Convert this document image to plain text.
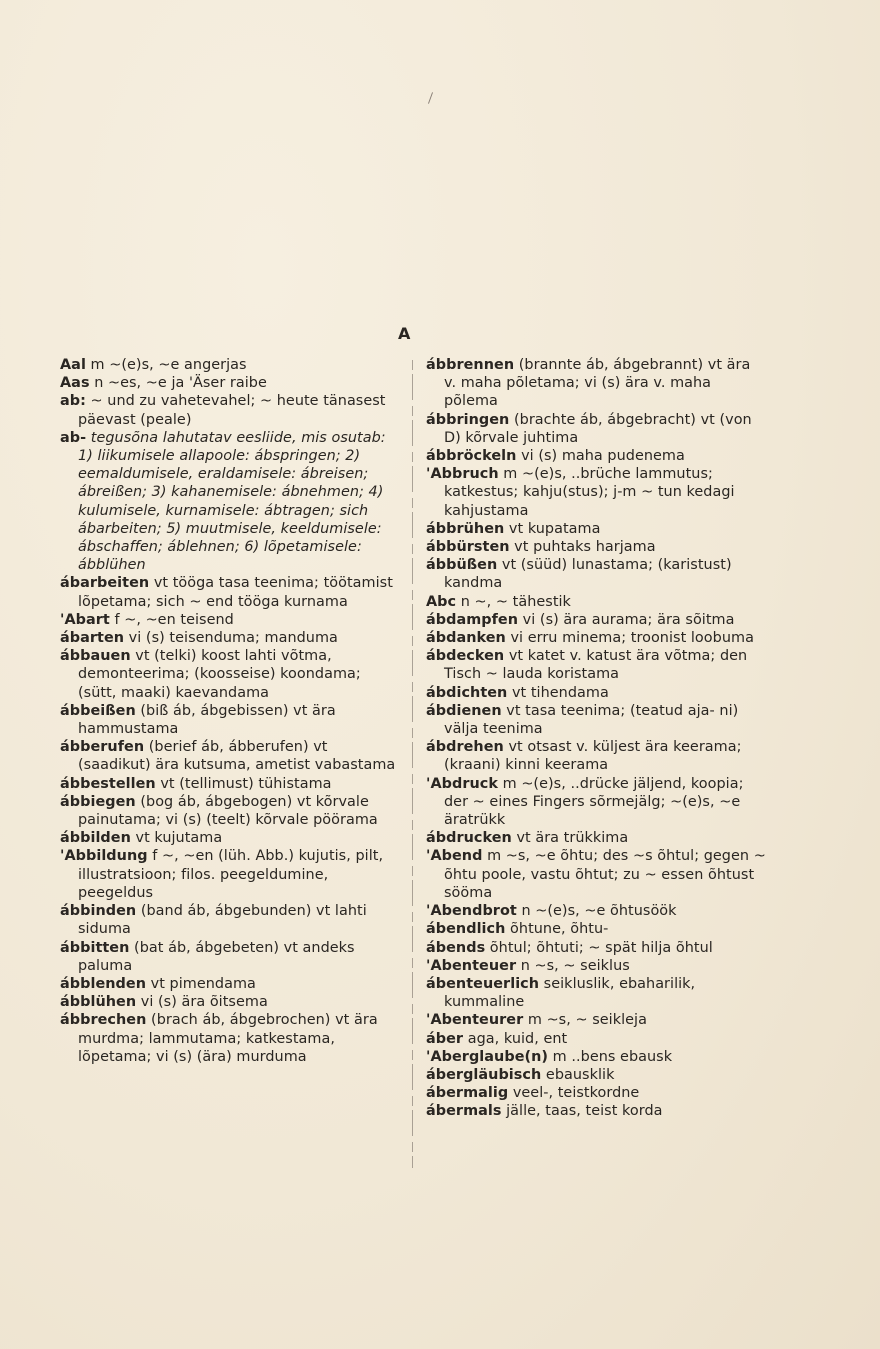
A

Aal m ~(e)s, ~e angerjas

Aas n ~es, ~e ja 'Äser raibe

ab: ~ und zu vahetevahel; ~ heute tänasest päevast (peale)

ab- tegusõna lahutatav eesliide, mis osutab: 1) liikumisele allapoole: ábspringen; 2) eemaldumisele, eraldamisele: ábreisen; ábreißen; 3) kahanemisele: ábnehmen; 4) kulumisele, kurnamisele: ábtragen; sich ábarbeiten; 5) muutmisele, keeldumisele: ábschaffen; áblehnen; 6) lõpetamisele: ábblühen

ábarbeiten vt tööga tasa teenima; töötamist lõpetama; sich ~ end tööga kurnama

'Abart f ~, ~en teisend

ábarten vi (s) teisenduma; manduma

ábbauen vt (telki) koost lahti võtma, demonteerima; (koosseise) koondama; (sütt, maaki) kaevandama

ábbeißen (biß áb, ábgebissen) vt ära hammustama

ábberufen (berief áb, ábberufen) vt (saadikut) ära kutsuma, ametist vabastama

ábbestellen vt (tellimust) tühistama

ábbiegen (bog áb, ábgebogen) vt kõrvale painutama; vi (s) (teelt) kõrvale pöörama

ábbilden vt kujutama

'Abbildung f ~, ~en (lüh. Abb.) kujutis, pilt, illustratsioon; filos. peegeldumine, peegeldus

ábbinden (band áb, ábgebunden) vt lahti siduma

ábbitten (bat áb, ábgebeten) vt andeks paluma

ábblenden vt pimendama

ábblühen vi (s) ära õitsema

ábbrechen (brach áb, ábgebrochen) vt ära murdma; lammutama; katkestama, lõpetama; vi (s) (ära) murduma

ábbrennen (brannte áb, ábgebrannt) vt ära v. maha põletama; vi (s) ära v. maha põlema

ábbringen (brachte áb, ábgebracht) vt (von D) kõrvale juhtima

ábbröckeln vi (s) maha pudenema

'Abbruch m ~(e)s, ..brüche lammutus; katkestus; kahju(stus); j-m ~ tun kedagi kahjustama

ábbrühen vt kupatama

ábbürsten vt puhtaks harjama

ábbüßen vt (süüd) lunastama; (karistust) kandma

Abc n ~, ~ tähestik

ábdampfen vi (s) ära aurama; ära sõitma

ábdanken vi erru minema; troonist loobuma

ábdecken vt katet v. katust ära võtma; den Tisch ~ lauda koristama

ábdichten vt tihendama

ábdienen vt tasa teenima; (teatud aja- ni) välja teenima

ábdrehen vt otsast v. küljest ära keerama; (kraani) kinni keerama

'Abdruck m ~(e)s, ..drücke jäljend, koopia; der ~ eines Fingers sõrmejälg; ~(e)s, ~e äratrükk

ábdrucken vt ära trükkima

'Abend m ~s, ~e õhtu; des ~s õhtul; gegen ~ õhtu poole, vastu õhtut; zu ~ essen õhtust sööma

'Abendbrot n ~(e)s, ~e õhtusöök

ábendlich õhtune, õhtu-

ábends õhtul; õhtuti; ~ spät hilja õhtul

'Abenteuer n ~s, ~ seiklus

ábenteuerlich seikluslik, ebaharilik, kummaline

'Abenteurer m ~s, ~ seikleja

áber aga, kuid, ent

'Aberglaube(n) m ..bens ebausk

ábergläubisch ebausklik

ábermalig veel-, teistkordne

ábermals jälle, taas, teist korda
